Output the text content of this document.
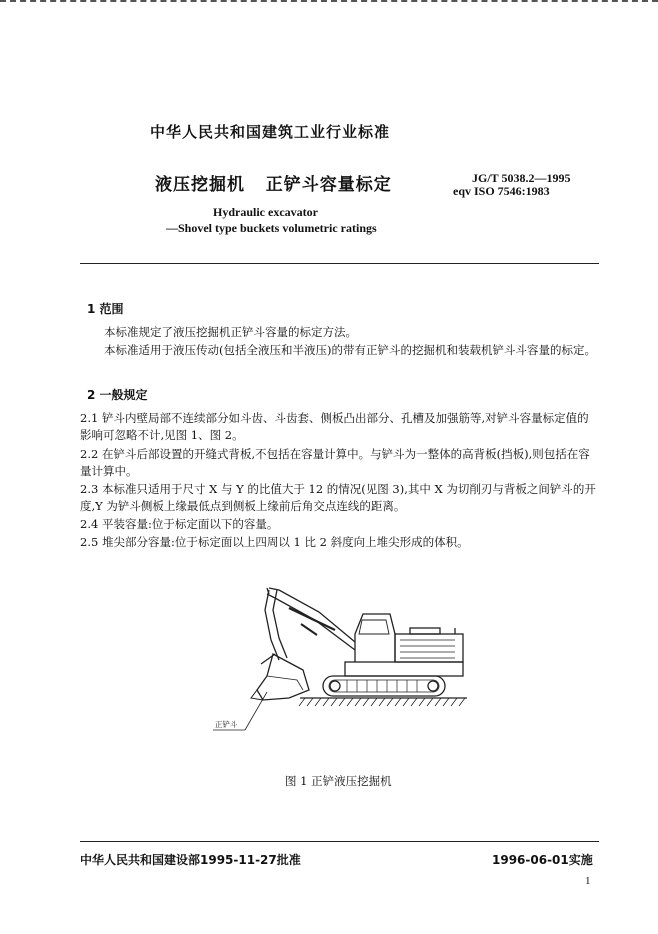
中华人民共和国建筑工业行业标准
液压挖掘机   正铲斗容量标定	JG/T 5038.2—1995
eqv ISO 7546:1983
Hydraulic excavator
—Shovel type buckets volumetric ratings
1 范围
本标准规定了液压挖掘机正铲斗容量的标定方法。
本标准适用于液压传动(包括全液压和半液压)的带有正铲斗的挖掘机和装载机铲斗斗容量的标定。
2 一般规定
2.1 铲斗内壁局部不连续部分如斗齿、斗齿套、侧板凸出部分、孔槽及加强筋等,对铲斗容量标定值的影响可忽略不计,见图 1、图 2。
2.2 在铲斗后部设置的开缝式背板,不包括在容量计算中。与铲斗为一整体的高背板(挡板),则包括在容量计算中。
2.3 本标准只适用于尺寸 X 与 Y 的比值大于 12 的情况(见图 3),其中 X 为切削刃与背板之间铲斗的开度,Y 为铲斗侧板上缘最低点到侧板上缘前后角交点连线的距离。
2.4 平装容量:位于标定面以下的容量。
2.5 堆尖部分容量:位于标定面以上四周以 1 比 2 斜度向上堆尖形成的体积。
正铲斗
图 1 正铲液压挖掘机
中华人民共和国建设部1995-11-27批准	1996-06-01实施
1
